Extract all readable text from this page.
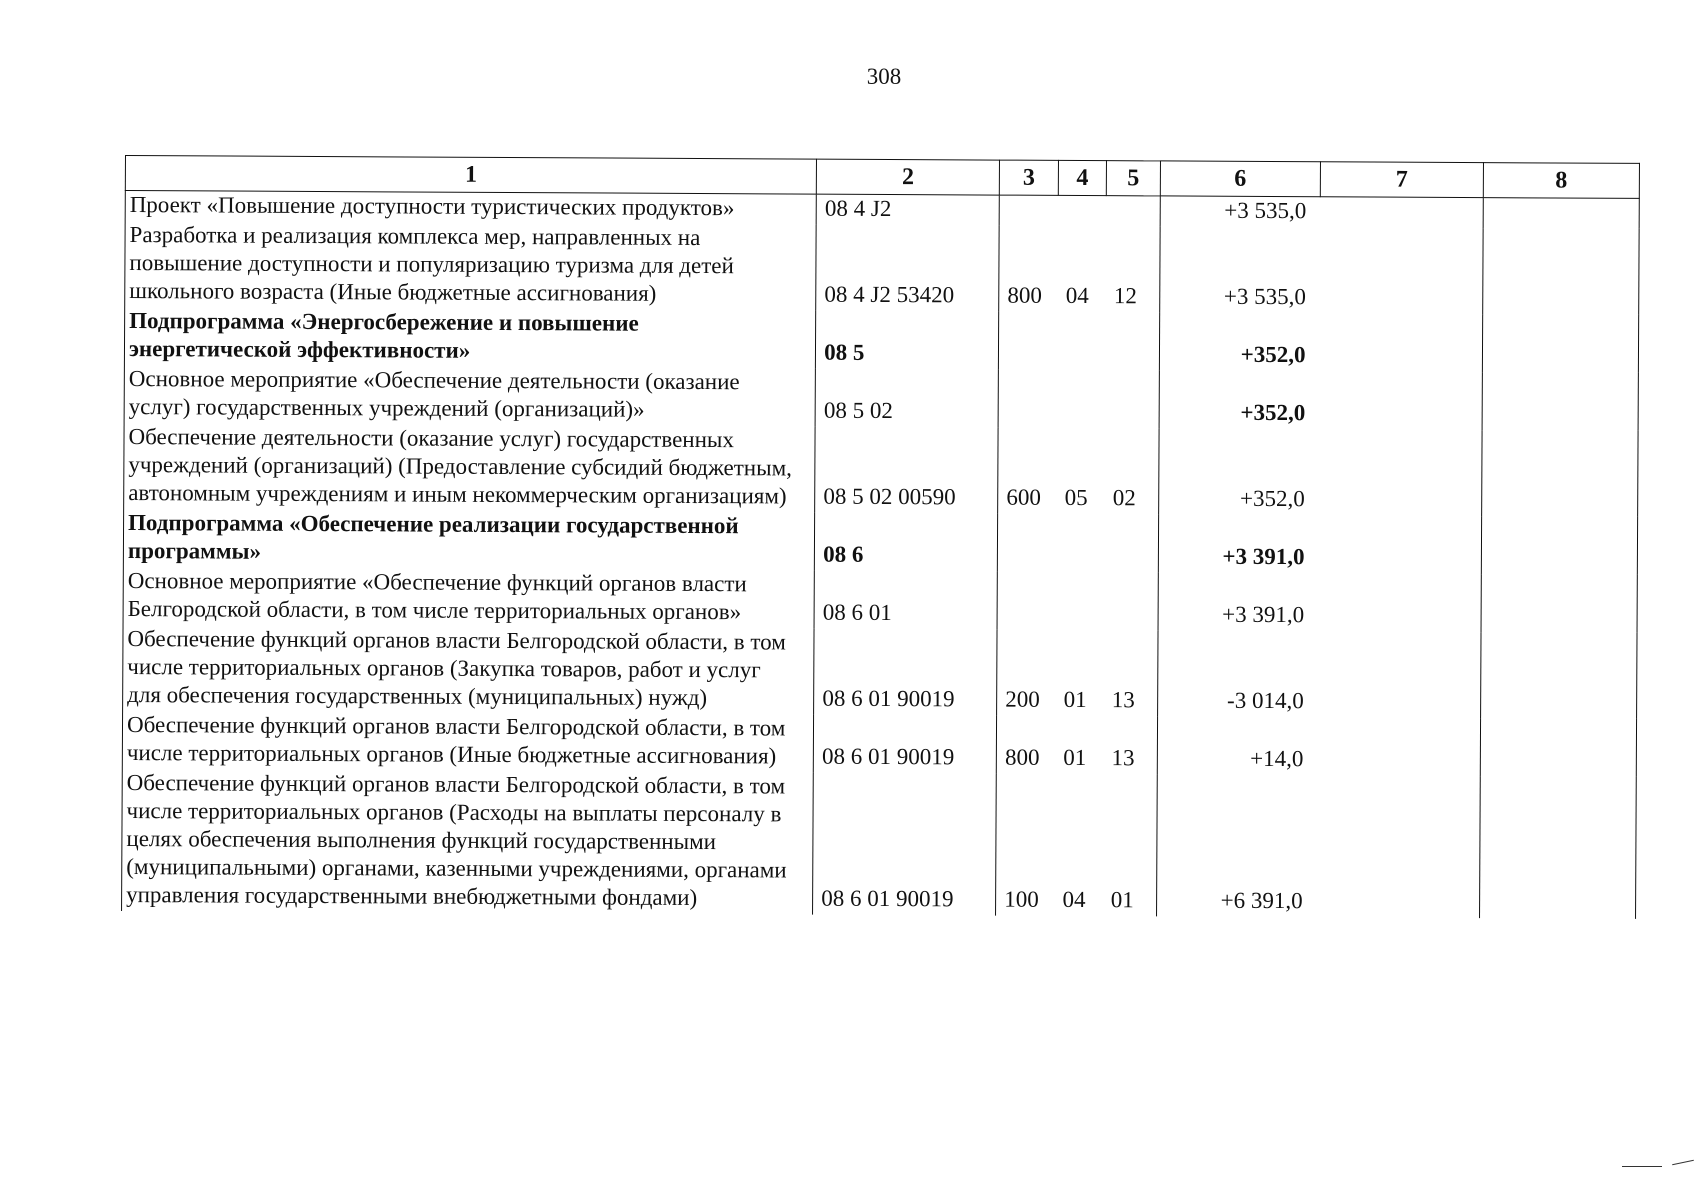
308
1	2	3	4	5	6	7	8
Проект «Повышение доступности туристических продуктов»	08 4 J2				+3 535,0		
Разработка и реализация комплекса мер, направленных на повышение доступности и популяризацию туризма для детей школьного возраста (Иные бюджетные ассигнования)	08 4 J2 53420	800	04	12	+3 535,0		
Подпрограмма «Энергосбережение и повышение энергетической эффективности»	08 5				+352,0		
Основное мероприятие «Обеспечение деятельности (оказание услуг) государственных учреждений (организаций)»	08 5 02				+352,0		
Обеспечение деятельности (оказание услуг) государственных учреждений (организаций) (Предоставление субсидий бюджетным, автономным учреждениям и иным некоммерческим организациям)	08 5 02 00590	600	05	02	+352,0		
Подпрограмма «Обеспечение реализации государственной программы»	08 6				+3 391,0		
Основное мероприятие «Обеспечение функций органов власти Белгородской области, в том числе территориальных органов»	08 6 01				+3 391,0		
Обеспечение функций органов власти Белгородской области, в том числе территориальных органов (Закупка товаров, работ и услуг для обеспечения государственных (муниципальных) нужд)	08 6 01 90019	200	01	13	-3 014,0		
Обеспечение функций органов власти Белгородской области, в том числе территориальных органов (Иные бюджетные ассигнования)	08 6 01 90019	800	01	13	+14,0		
Обеспечение функций органов власти Белгородской области, в том числе территориальных органов (Расходы на выплаты персоналу в целях обеспечения выполнения функций государственными (муниципальными) органами, казенными учреждениями, органами управления государственными внебюджетными фондами)	08 6 01 90019	100	04	01	+6 391,0		
